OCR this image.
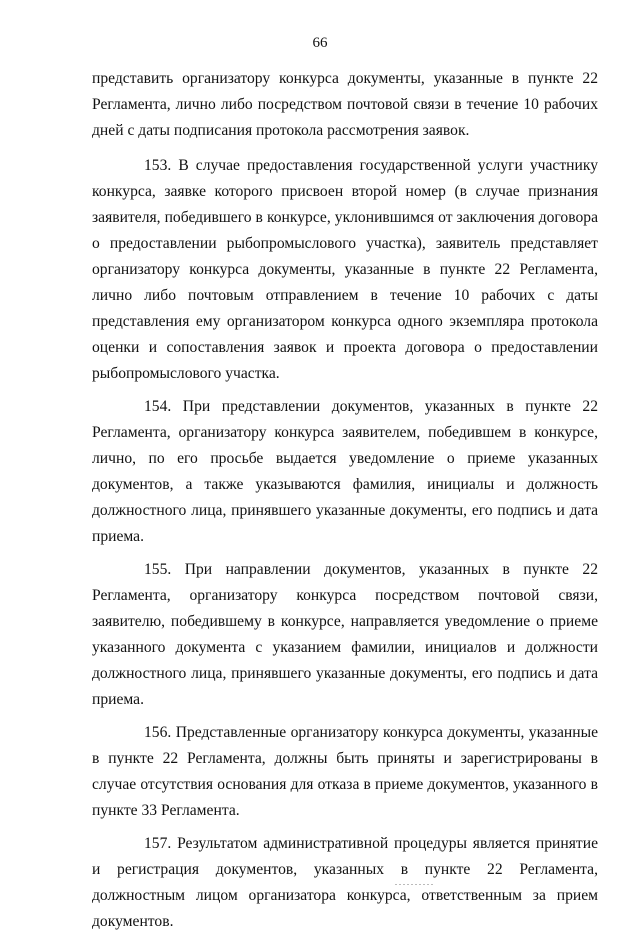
66

представить организатору конкурса документы, указанные в пункте 22 Регламента, лично либо посредством почтовой связи в течение 10 рабочих дней с даты подписания протокола рассмотрения заявок.

153. В случае предоставления государственной услуги участнику конкурса, заявке которого присвоен второй номер (в случае признания заявителя, победившего в конкурсе, уклонившимся от заключения договора о предоставлении рыбопромыслового участка), заявитель представляет организатору конкурса документы, указанные в пункте 22 Регламента, лично либо почтовым отправлением в течение 10 рабочих с даты представления ему организатором конкурса одного экземпляра протокола оценки и сопоставления заявок и проекта договора о предоставлении рыбопромыслового участка.

154. При представлении документов, указанных в пункте 22 Регламента, организатору конкурса заявителем, победившем в конкурсе, лично, по его просьбе выдается уведомление о приеме указанных документов, а также указываются фамилия, инициалы и должность должностного лица, принявшего указанные документы, его подпись и дата приема.

155. При направлении документов, указанных в пункте 22 Регламента, организатору конкурса посредством почтовой связи, заявителю, победившему в конкурсе, направляется уведомление о приеме указанного документа с указанием фамилии, инициалов и должности должностного лица, принявшего указанные документы, его подпись и дата приема.

156. Представленные организатору конкурса документы, указанные в пункте 22 Регламента, должны быть приняты и зарегистрированы в случае отсутствия основания для отказа в приеме документов, указанного в пункте 33 Регламента.

157. Результатом административной процедуры является принятие и регистрация документов, указанных в пункте 22 Регламента, должностным лицом организатора конкурса, ответственным за прием документов.
